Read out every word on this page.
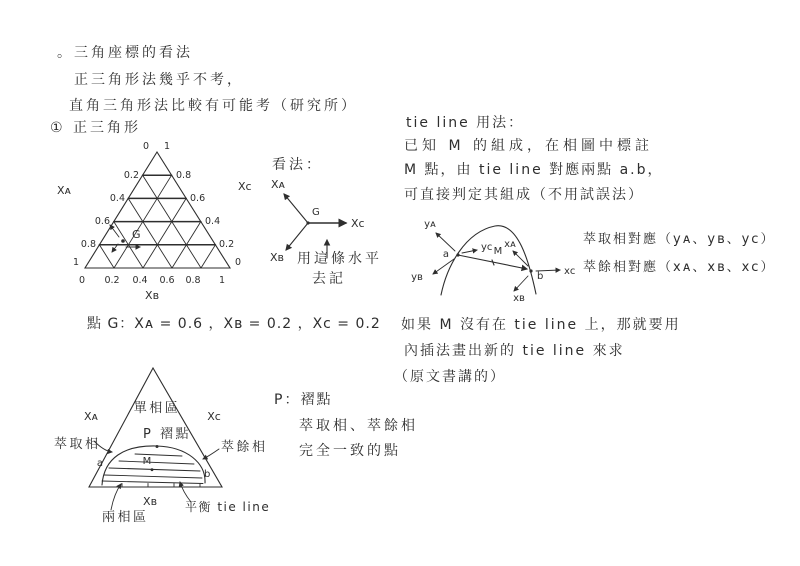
。三角座標的看法
正三角形法幾乎不考，
直角三角形法比較有可能考（研究所）
① 正三角形
0 1
0.2
0.4
0.6
0.8
0.8
0.6
0.4
0.2
1	0
0 0.2 0.4 0.6 0.8 1
Xᴀ	Xᴄ
Xʙ
G
看法：
Xᴀ
G
Xᴄ
Xʙ 用這條水平
去記
點 G：Xᴀ = 0.6 ，Xʙ = 0.2 ，Xᴄ = 0.2
tie line 用法：
已知 M 的組成，在相圖中標註
M 點，由 tie line 對應兩點 a.b，
可直接判定其組成（不用試誤法）
a	M
b
yᴀ
yʙ
yᴄ xᴀ
xʙ
xᴄ
萃取相對應（yᴀ、yʙ、yᴄ）
萃餘相對應（xᴀ、xʙ、xᴄ）
如果 M 沒有在 tie line 上，那就要用
內插法畫出新的 tie line 來求
（原文書講的）
單相區
P 褶點
Xᴀ	Xᴄ
Xʙ
萃取相	萃餘相
a	M
b
兩相區
平衡 tie line
P：褶點
萃取相、萃餘相
完全一致的點
